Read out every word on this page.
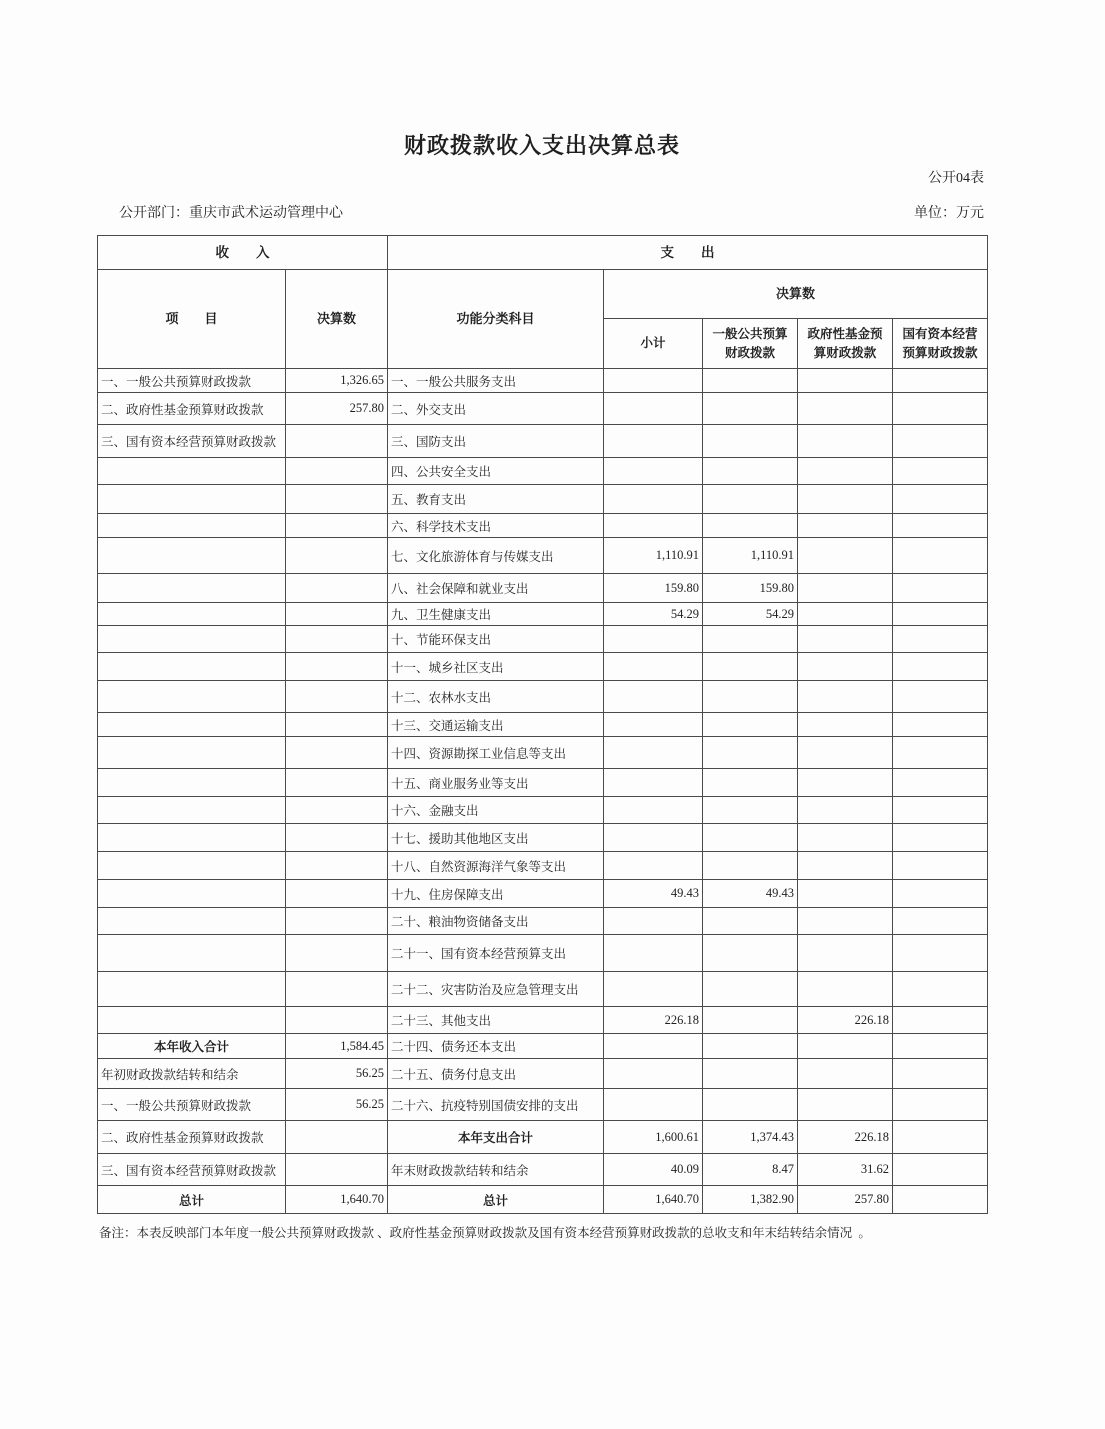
财政拨款收入支出决算总表
公开04表
公开部门：重庆市武术运动管理中心	单位：万元
收　　入		支　　出				
项　　目	决算数	功能分类科目	决算数			
			小计	一般公共预算财政拨款	政府性基金预算财政拨款	国有资本经营预算财政拨款
一、一般公共预算财政拨款	1,326.65	一、一般公共服务支出				
二、政府性基金预算财政拨款	257.80	二、外交支出				
三、国有资本经营预算财政拨款		三、国防支出				
		四、公共安全支出				
		五、教育支出				
		六、科学技术支出				
		七、文化旅游体育与传媒支出	1,110.91	1,110.91		
		八、社会保障和就业支出	159.80	159.80		
		九、卫生健康支出	54.29	54.29		
		十、节能环保支出				
		十一、城乡社区支出				
		十二、农林水支出				
		十三、交通运输支出				
		十四、资源勘探工业信息等支出				
		十五、商业服务业等支出				
		十六、金融支出				
		十七、援助其他地区支出				
		十八、自然资源海洋气象等支出				
		十九、住房保障支出	49.43	49.43		
		二十、粮油物资储备支出				
		二十一、国有资本经营预算支出				
		二十二、灾害防治及应急管理支出				
		二十三、其他支出	226.18		226.18	
本年收入合计	1,584.45	二十四、债务还本支出				
年初财政拨款结转和结余	56.25	二十五、债务付息支出				
一、一般公共预算财政拨款	56.25	二十六、抗疫特别国债安排的支出				
二、政府性基金预算财政拨款		本年支出合计	1,600.61	1,374.43	226.18	
三、国有资本经营预算财政拨款		年末财政拨款结转和结余	40.09	8.47	31.62	
总计	1,640.70	总计	1,640.70	1,382.90	257.80	
备注：本表反映部门本年度一般公共预算财政拨款 、政府性基金预算财政拨款及国有资本经营预算财政拨款的总收支和年末结转结余情况  。
